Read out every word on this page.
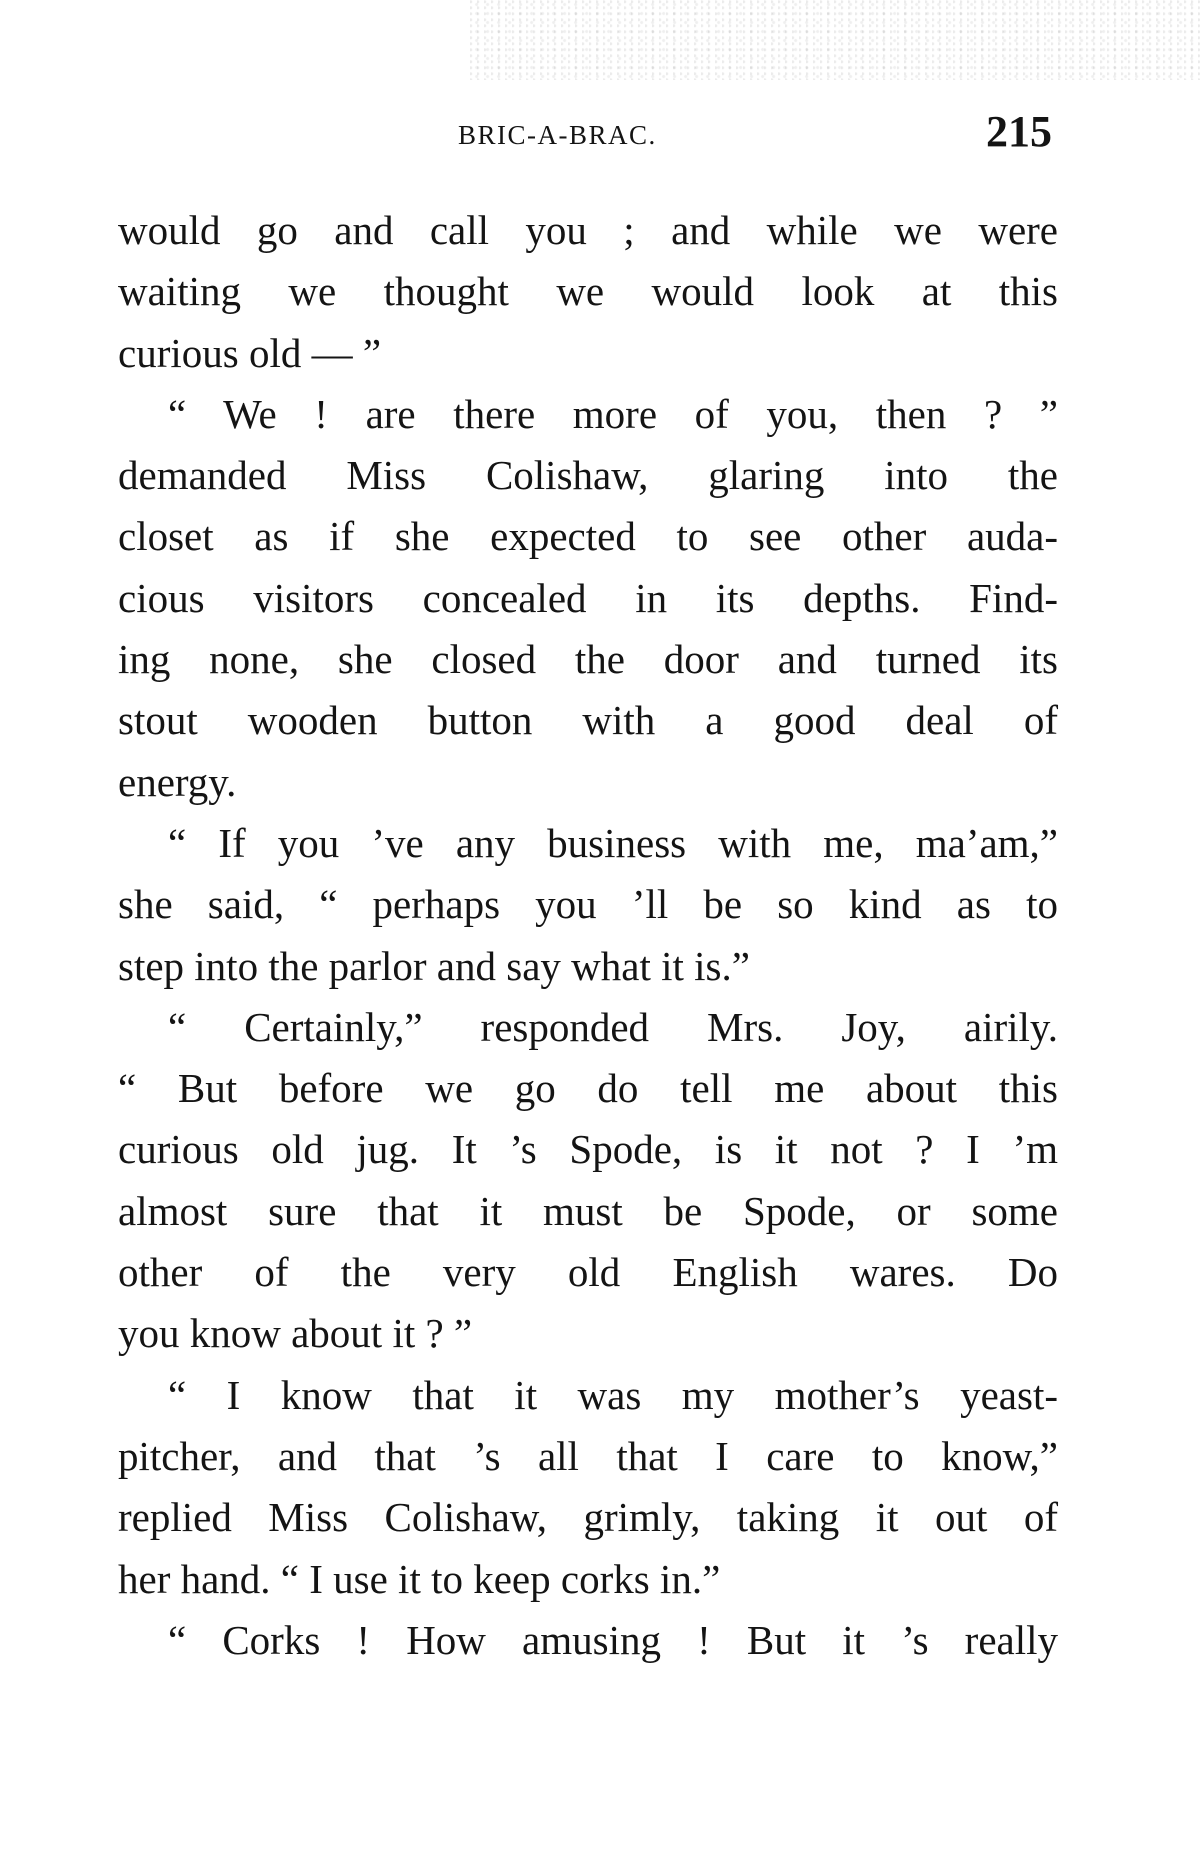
BRIC-A-BRAC.	215
would go and call you ; and while we were
waiting we thought we would look at this
curious old — ”
“ We ! are there more of you, then ? ”
demanded Miss Colishaw, glaring into the
closet as if she expected to see other auda-
cious visitors concealed in its depths. Find-
ing none, she closed the door and turned its
stout wooden button with a good deal of
energy.
“ If you ’ve any business with me, ma’am,”
she said, “ perhaps you ’ll be so kind as to
step into the parlor and say what it is.”
“ Certainly,” responded Mrs. Joy, airily.
“ But before we go do tell me about this
curious old jug. It ’s Spode, is it not ? I ’m
almost sure that it must be Spode, or some
other of the very old English wares. Do
you know about it ? ”
“ I know that it was my mother’s yeast-
pitcher, and that ’s all that I care to know,”
replied Miss Colishaw, grimly, taking it out of
her hand. “ I use it to keep corks in.”
“ Corks ! How amusing ! But it ’s really
